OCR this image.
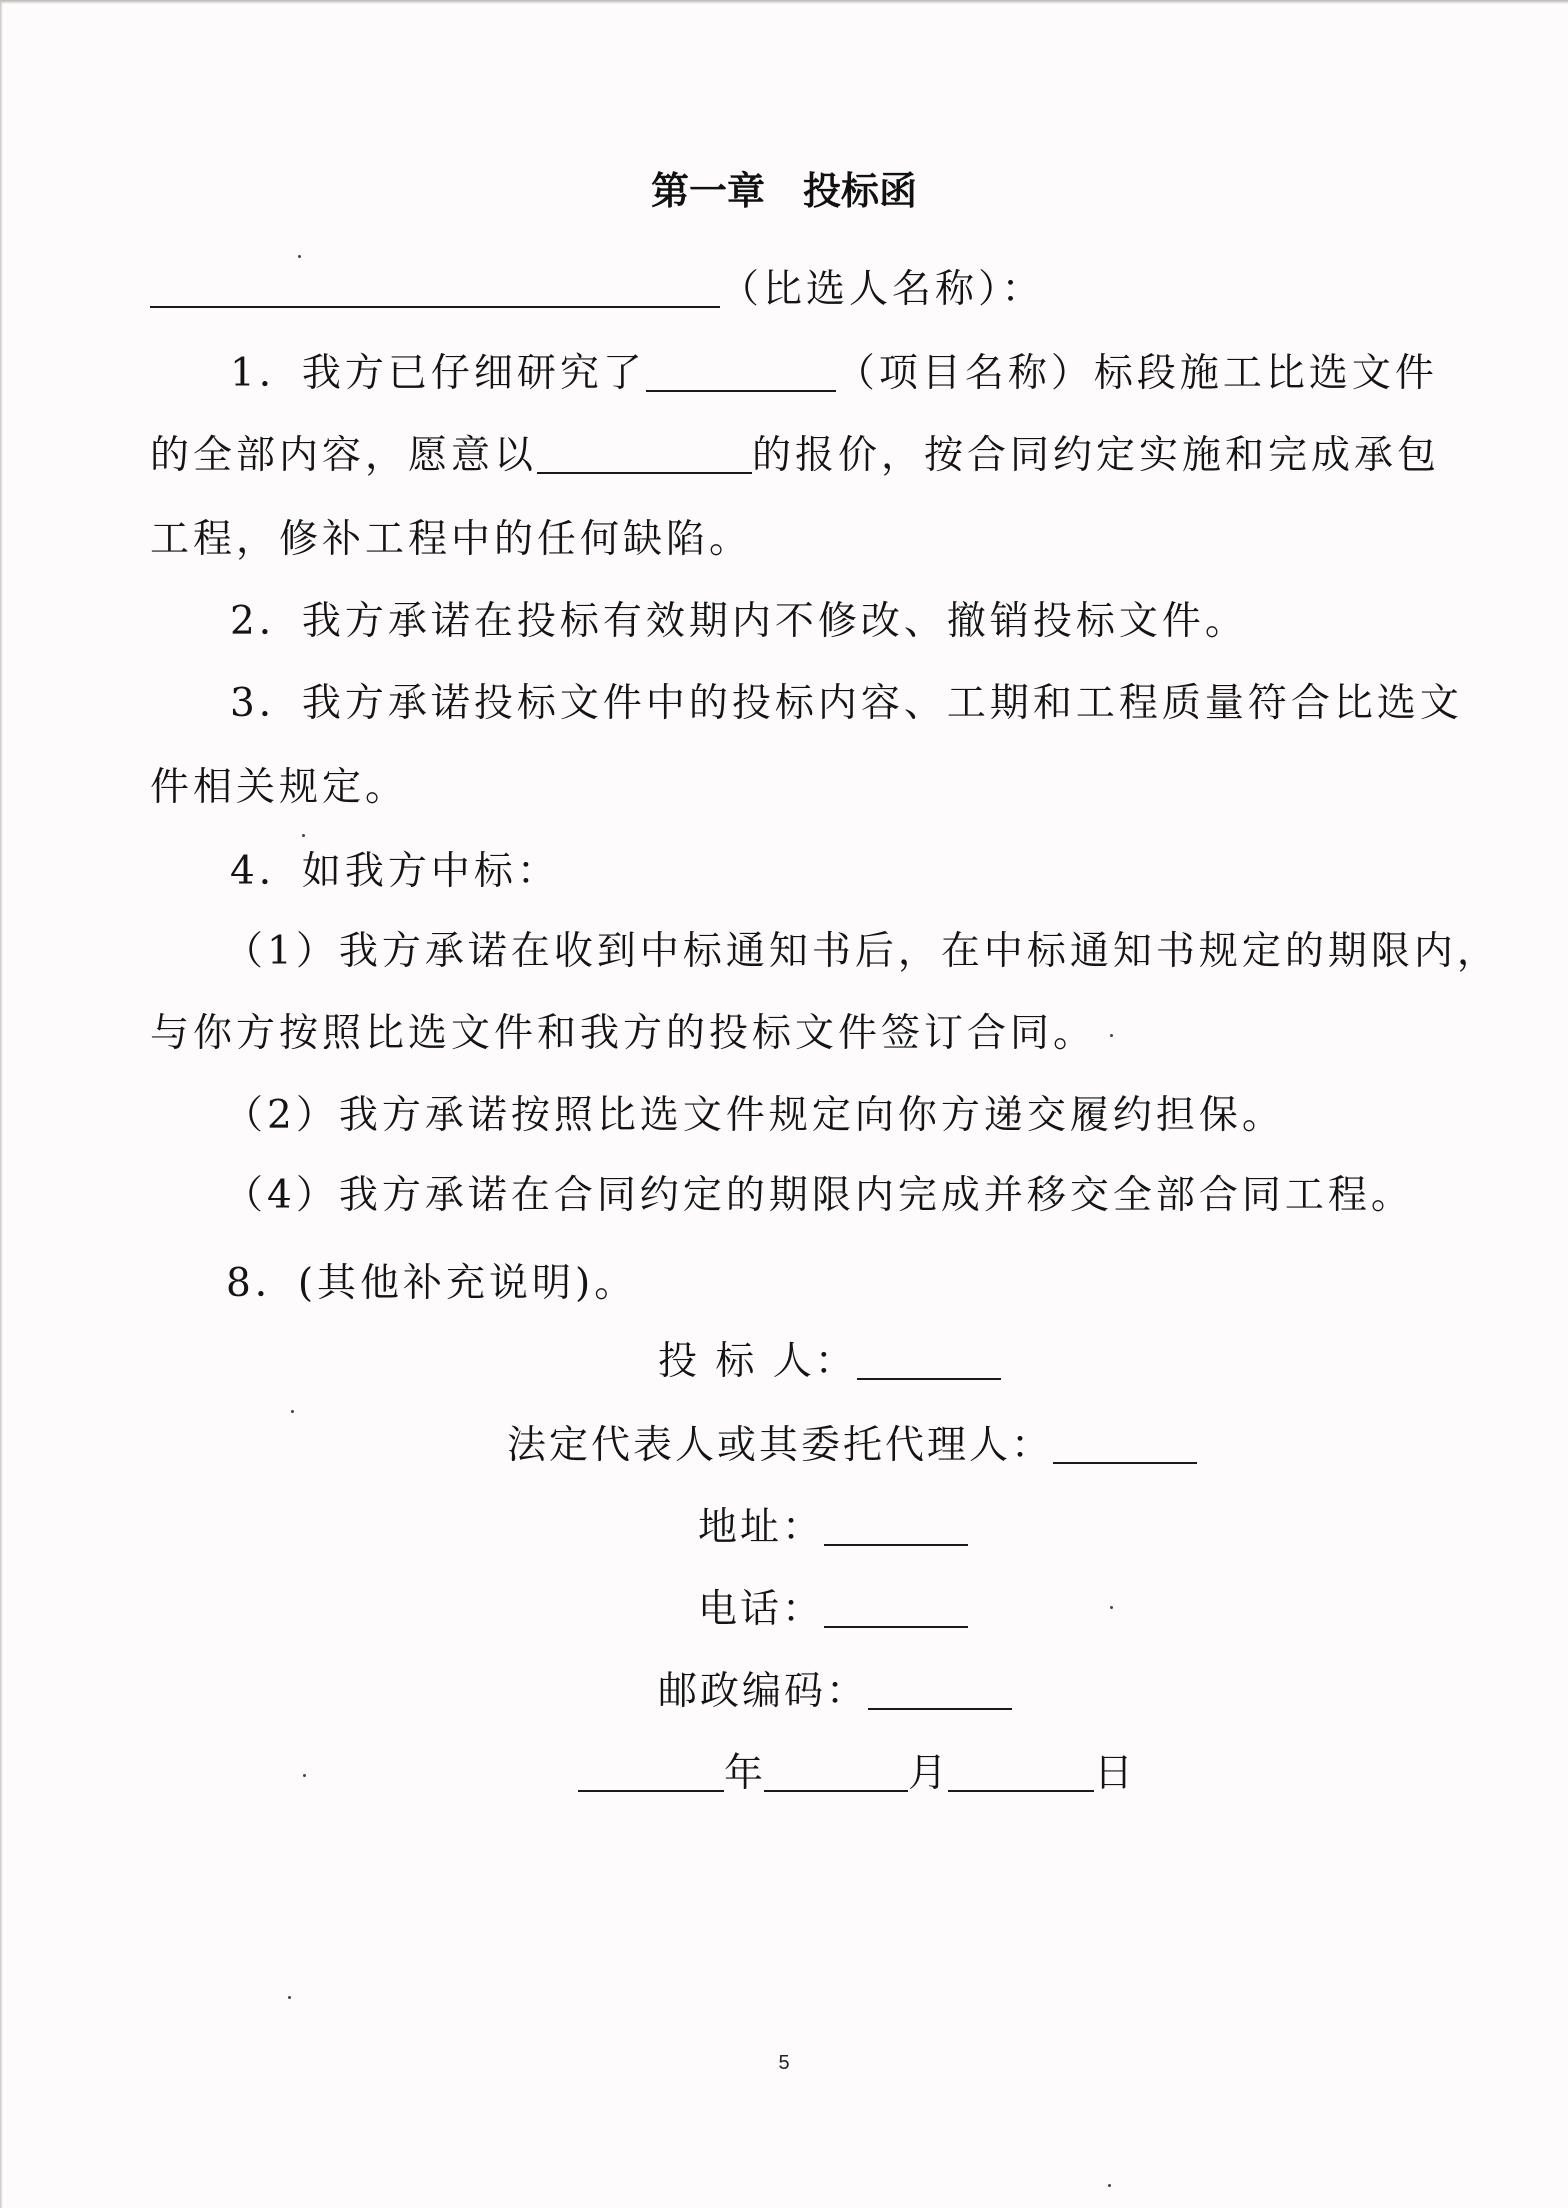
第一章　投标函
（比选人名称）：
1．我方已仔细研究了	（项目名称）标段施工比选文件
的全部内容，愿意以	的报价，按合同约定实施和完成承包
工程，修补工程中的任何缺陷。
2．我方承诺在投标有效期内不修改、撤销投标文件。
3．我方承诺投标文件中的投标内容、工期和工程质量符合比选文
件相关规定。
4．如我方中标：
（1）我方承诺在收到中标通知书后，在中标通知书规定的期限内，
与你方按照比选文件和我方的投标文件签订合同。
（2）我方承诺按照比选文件规定向你方递交履约担保。
（4）我方承诺在合同约定的期限内完成并移交全部合同工程。
8．(其他补充说明)。
投 标 人：
法定代表人或其委托代理人：
地址：
电话：
邮政编码：
年	月	日
5
